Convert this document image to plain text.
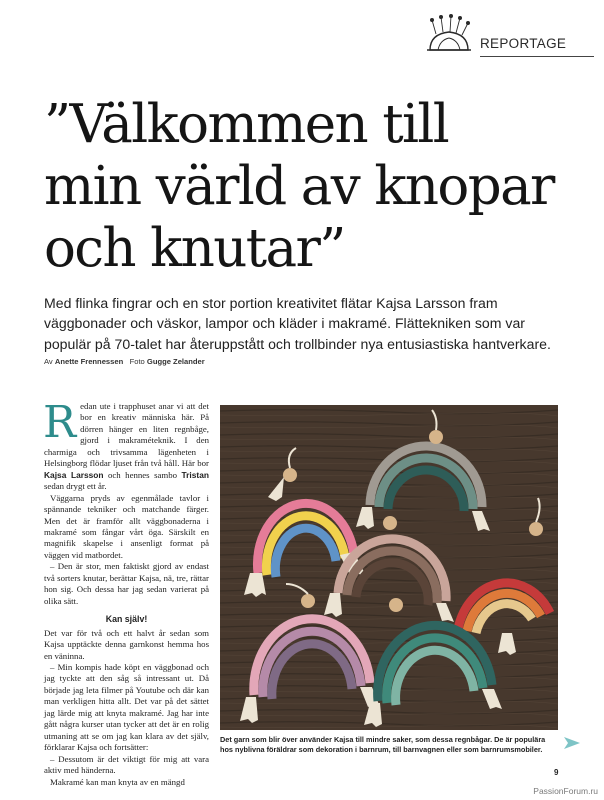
REPORTAGE
”Välkommen till
min värld av knopar
och knutar”

Med flinka fingrar och en stor portion kreativitet flätar Kajsa Larsson fram väggbonader och väskor, lampor och kläder i makramé. Flättekniken som var populär på 70-talet har återuppstått och trollbinder nya entusiastiska hantverkare.

Av Anette Frennessen Foto Gugge Zelander

Redan ute i trapphuset anar vi att det bor en kreativ människa här. På dörren hänger en liten regnbåge, gjord i makraméteknik. I den charmiga och trivsamma lägenheten i Helsingborg flödar ljuset från två håll. Här bor Kajsa Larsson och hennes sambo Tristan sedan drygt ett år.

Väggarna pryds av egenmålade tavlor i spännande tekniker och matchande färger. Men det är framför allt väggbonaderna i makramé som fångar vårt öga. Särskilt en magnifik skapelse i ansenligt format på väggen vid matbordet.

– Den är stor, men faktiskt gjord av endast två sorters knutar, berättar Kajsa, nä, tre, rättar hon sig. Och dessa har jag sedan varierat på olika sätt.

Kan själv!

Det var för två och ett halvt år sedan som Kajsa upptäckte denna garnkonst hemma hos en väninna.

– Min kompis hade köpt en väggbonad och jag tyckte att den såg så intressant ut. Då började jag leta filmer på Youtube och där kan man verkligen hitta allt. Det var på det sättet jag lärde mig att knyta makramé. Jag har inte gått några kurser utan tycker att det är en rolig utmaning att se om jag kan klara av det själv, förklarar Kajsa och fortsätter:

– Dessutom är det viktigt för mig att vara aktiv med händerna.

Makramé kan man knyta av en mängd

Det garn som blir över använder Kajsa till mindre saker, som dessa regnbågar. De är populära hos nyblivna föräldrar som dekoration i barnrum, till barnvagnen eller som barnrumsmobiler.
9
PassionForum.ru
